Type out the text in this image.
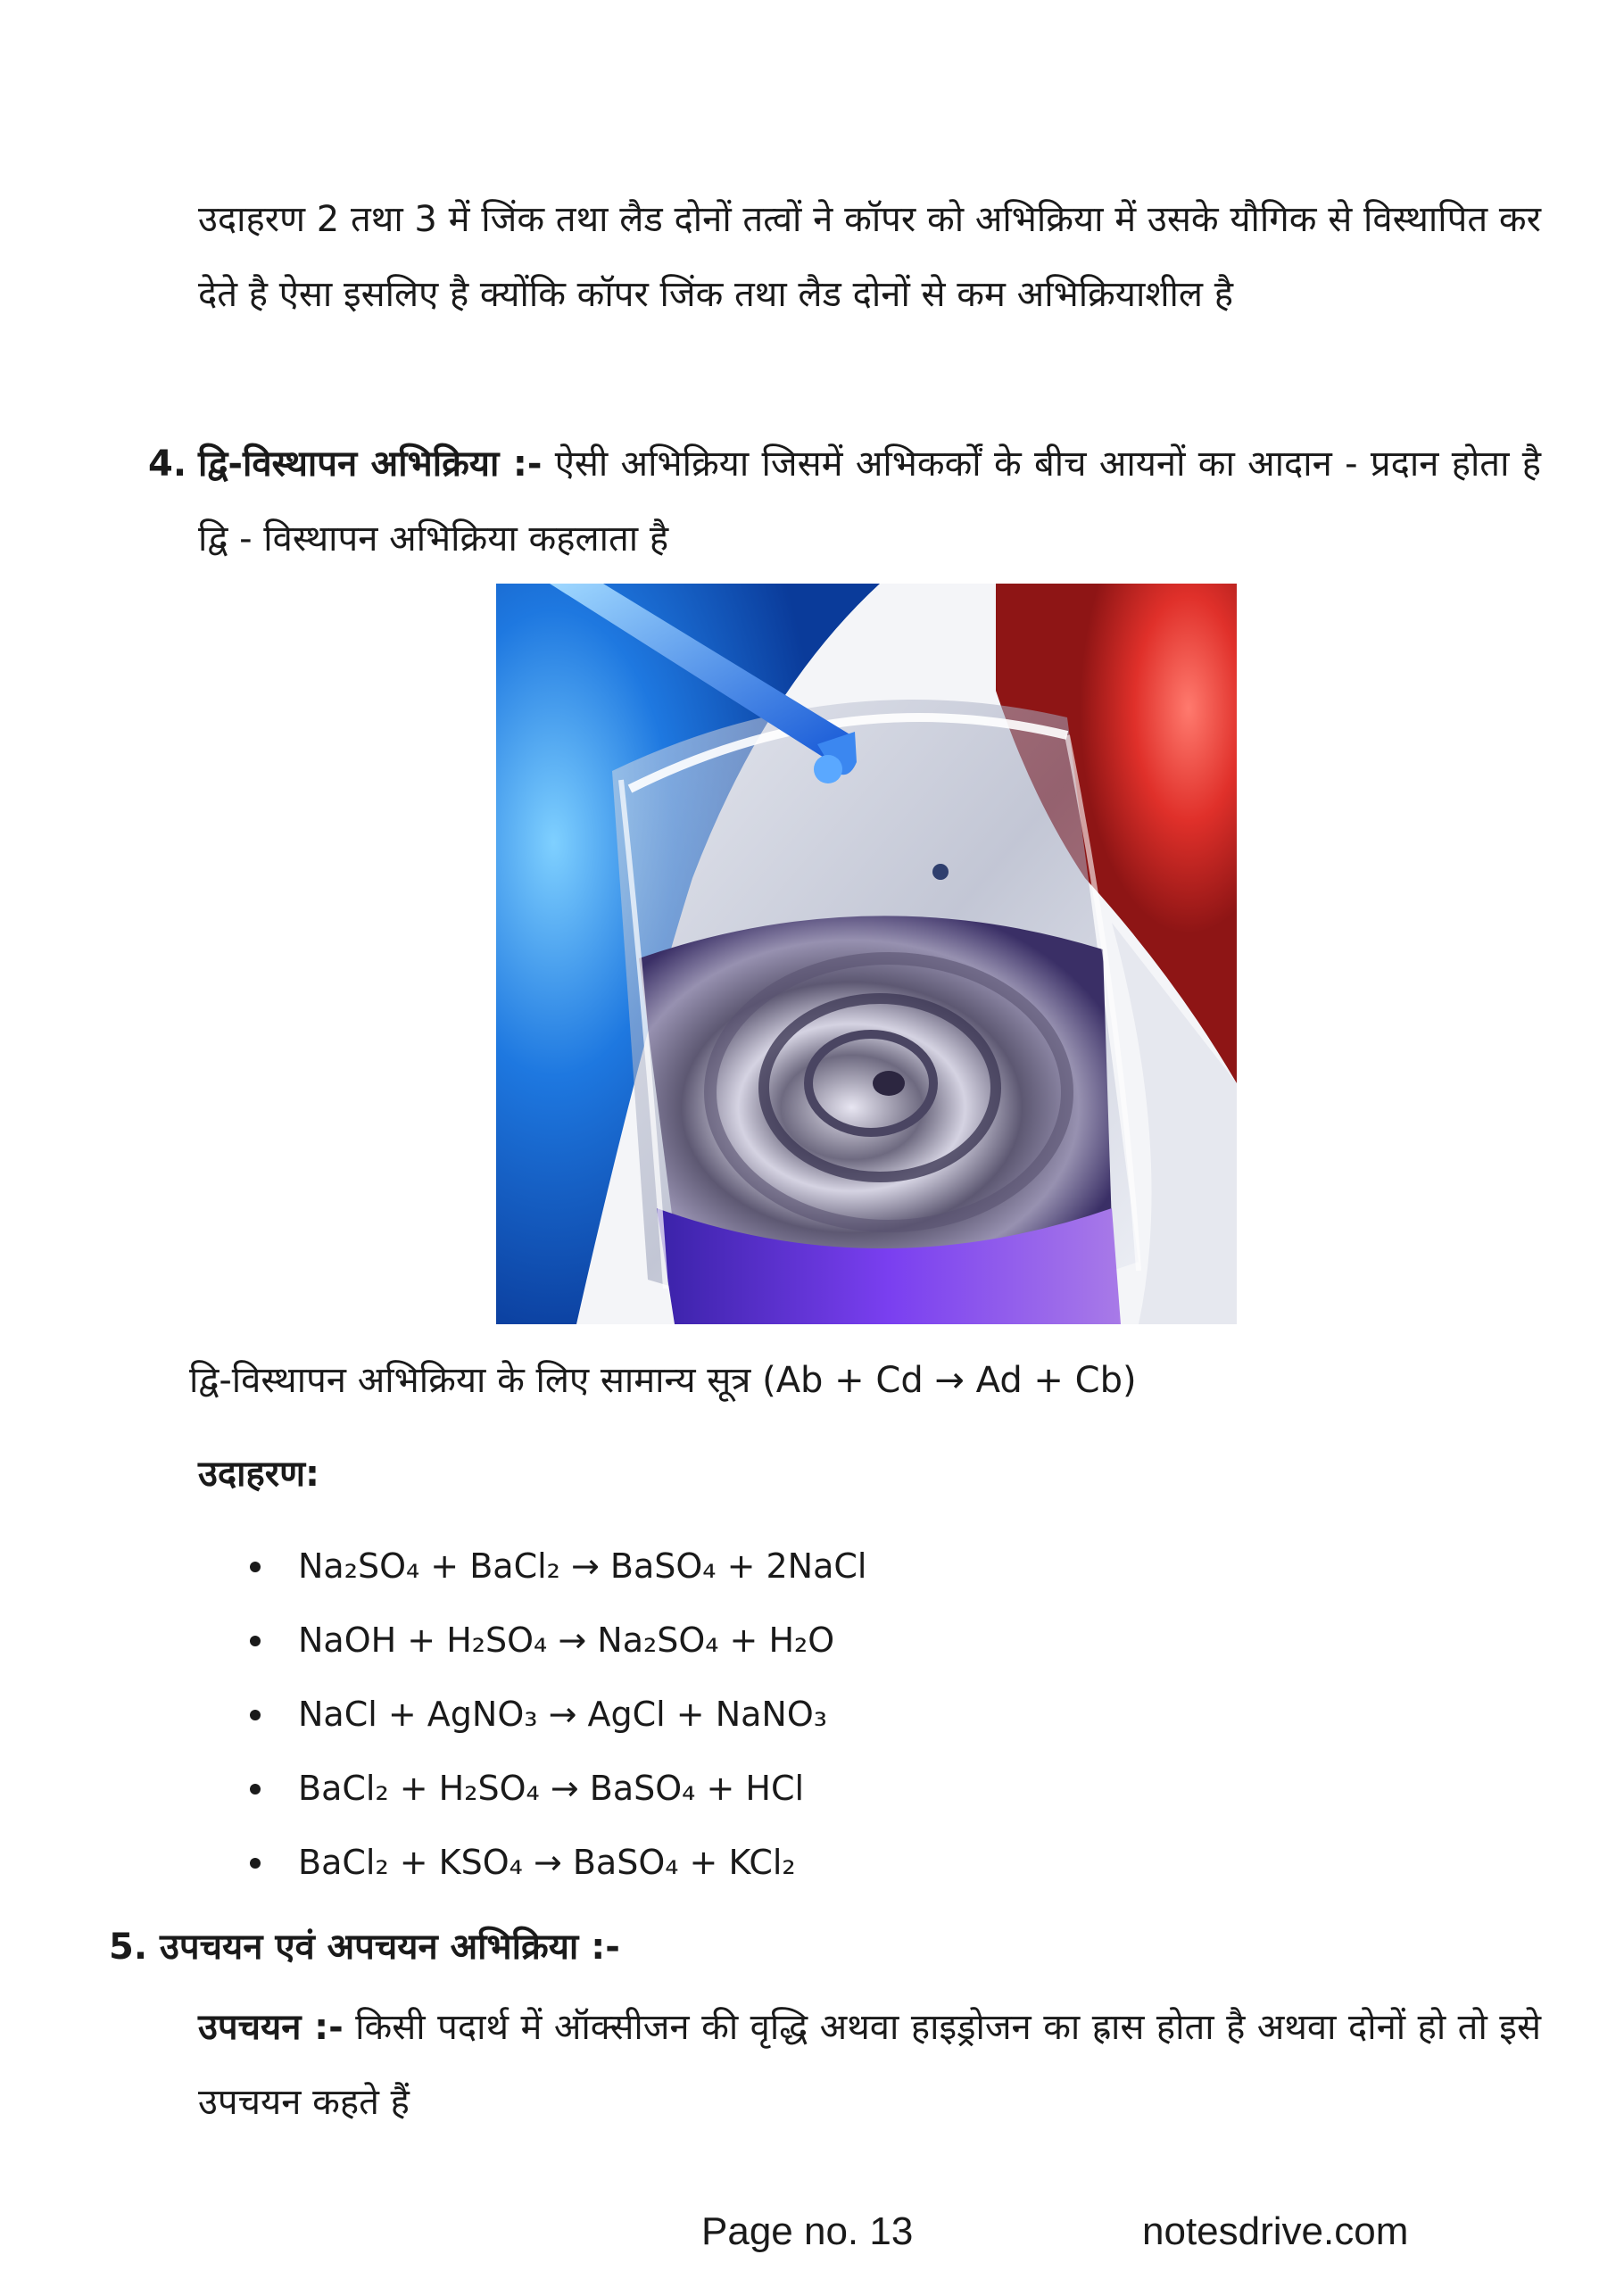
उदाहरण 2 तथा 3 में जिंक तथा लैड दोनों तत्वों ने कॉपर को अभिक्रिया में उसके यौगिक से विस्थापित कर देते है ऐसा इसलिए है क्योंकि कॉपर जिंक तथा लैड दोनों से कम अभिक्रियाशील है

4. द्वि-विस्थापन अभिक्रिया :- ऐसी अभिक्रिया जिसमें अभिकर्कों के बीच आयनों का आदान - प्रदान होता है द्वि - विस्थापन अभिक्रिया कहलाता है

द्वि-विस्थापन अभिक्रिया के लिए सामान्य सूत्र (Ab + Cd → Ad + Cb)

उदाहरण:

Na₂SO₄ + BaCl₂ → BaSO₄ + 2NaCl
NaOH + H₂SO₄ → Na₂SO₄ + H₂O
NaCl + AgNO₃ → AgCl + NaNO₃
BaCl₂ + H₂SO₄ → BaSO₄ + HCl
BaCl₂ + KSO₄ → BaSO₄ + KCl₂

5. उपचयन एवं अपचयन अभिक्रिया :-

उपचयन :- किसी पदार्थ में ऑक्सीजन की वृद्धि अथवा हाइड्रोजन का ह्रास होता है अथवा दोनों हो तो इसे उपचयन कहते हैं

Page no. 13	notesdrive.com
